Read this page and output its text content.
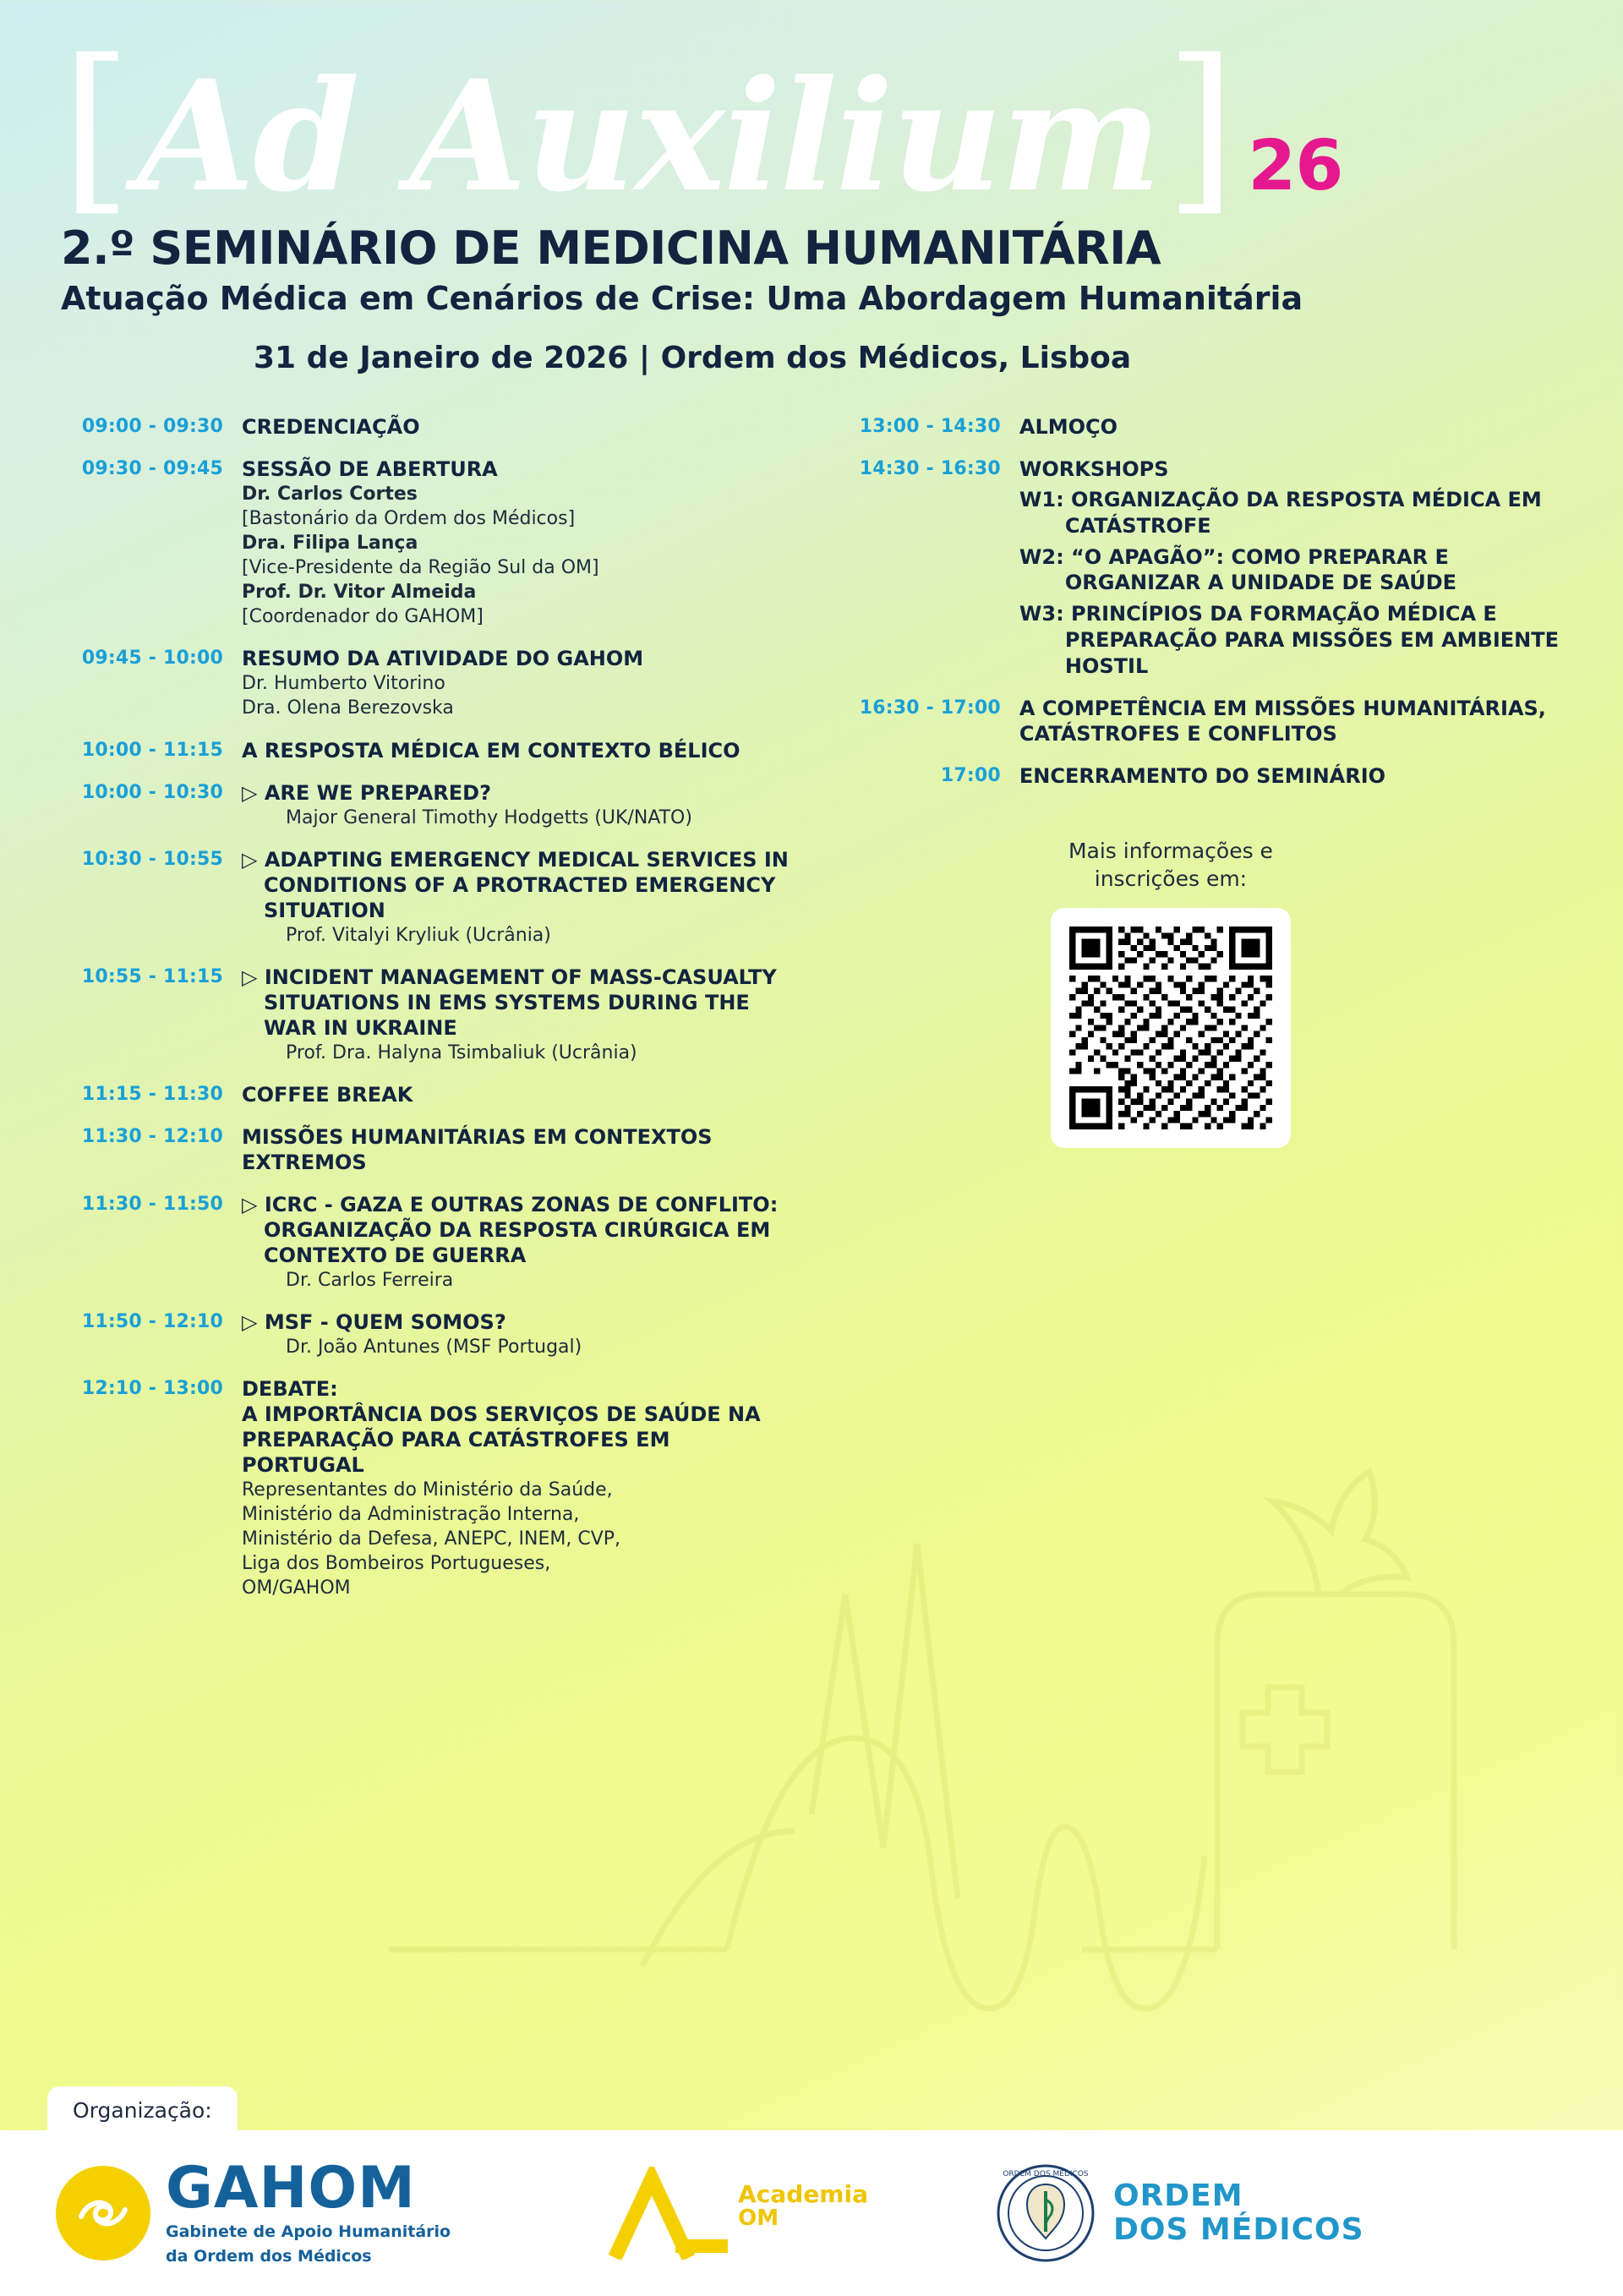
[ Ad Auxilium ] 26
2.º SEMINÁRIO DE MEDICINA HUMANITÁRIA
Atuação Médica em Cenários de Crise: Uma Abordagem Humanitária
31 de Janeiro de 2026 | Ordem dos Médicos, Lisboa
09:00 - 09:30 CREDENCIAÇÃO
09:30 - 09:45 SESSÃO DE ABERTURA
Dr. Carlos Cortes
[Bastonário da Ordem dos Médicos]
Dra. Filipa Lança
[Vice-Presidente da Região Sul da OM]
Prof. Dr. Vitor Almeida
[Coordenador do GAHOM]
09:45 - 10:00 RESUMO DA ATIVIDADE DO GAHOM
Dr. Humberto Vitorino
Dra. Olena Berezovska
10:00 - 11:15 A RESPOSTA MÉDICA EM CONTEXTO BÉLICO
10:00 - 10:30 ▷ ARE WE PREPARED?
Major General Timothy Hodgetts (UK/NATO)
10:30 - 10:55 ▷ ADAPTING EMERGENCY MEDICAL SERVICES IN CONDITIONS OF A PROTRACTED EMERGENCY SITUATION
Prof. Vitalyi Kryliuk (Ucrânia)
10:55 - 11:15 ▷ INCIDENT MANAGEMENT OF MASS-CASUALTY SITUATIONS IN EMS SYSTEMS DURING THE WAR IN UKRAINE
Prof. Dra. Halyna Tsimbaliuk (Ucrânia)
11:15 - 11:30 COFFEE BREAK
11:30 - 12:10 MISSÕES HUMANITÁRIAS EM CONTEXTOS EXTREMOS
11:30 - 11:50 ▷ ICRC - GAZA E OUTRAS ZONAS DE CONFLITO: ORGANIZAÇÃO DA RESPOSTA CIRÚRGICA EM CONTEXTO DE GUERRA
Dr. Carlos Ferreira
11:50 - 12:10 ▷ MSF - QUEM SOMOS?
Dr. João Antunes (MSF Portugal)
12:10 - 13:00 DEBATE:
A IMPORTÂNCIA DOS SERVIÇOS DE SAÚDE NA PREPARAÇÃO PARA CATÁSTROFES EM PORTUGAL
Representantes do Ministério da Saúde,
Ministério da Administração Interna,
Ministério da Defesa, ANEPC, INEM, CVP,
Liga dos Bombeiros Portugueses,
OM/GAHOM
13:00 - 14:30 ALMOÇO
14:30 - 16:30 WORKSHOPS
W1: ORGANIZAÇÃO DA RESPOSTA MÉDICA EM CATÁSTROFE
W2: “O APAGÃO”: COMO PREPARAR E ORGANIZAR A UNIDADE DE SAÚDE
W3: PRINCÍPIOS DA FORMAÇÃO MÉDICA E PREPARAÇÃO PARA MISSÕES EM AMBIENTE HOSTIL
16:30 - 17:00 A COMPETÊNCIA EM MISSÕES HUMANITÁRIAS, CATÁSTROFES E CONFLITOS
17:00 ENCERRAMENTO DO SEMINÁRIO
Mais informações e
inscrições em:
Organização:
GAHOM
Gabinete de Apoio Humanitário
da Ordem dos Médicos
Academia
OM
ORDEM DOS MÉDICOS
ORDEM
DOS MÉDICOS
